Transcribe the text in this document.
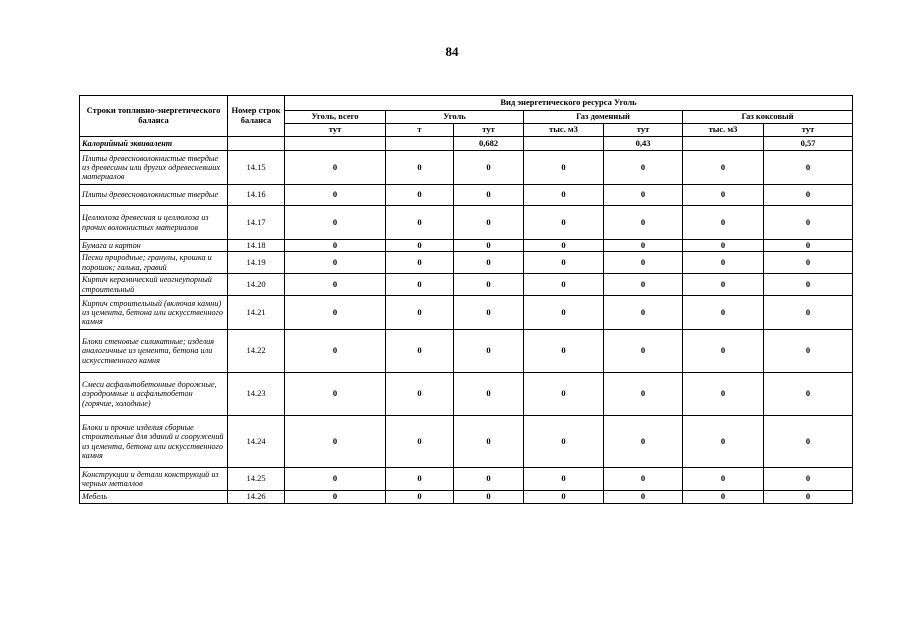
84
Строки топливно-энергетического баланса	Номер строк баланса	Вид энергетического ресурса Уголь						
		Уголь, всего	Уголь		Газ доменный		Газ коксовый	
		тут	т	тут	тыс. м3	тут	тыс. м3	тут
Калорийный эквивалент				0,682		0,43		0,57
Плиты древесноволокнистые твердые из древесины или других одревесневших материалов	14.15	0	0	0	0	0	0	0
Плиты древесноволокнистые твердые	14.16	0	0	0	0	0	0	0
Целлюлоза древесная и целлюлоза из прочих волокнистых материалов	14.17	0	0	0	0	0	0	0
Бумага и картон	14.18	0	0	0	0	0	0	0
Пески природные; гранулы, крошка и порошок; галька, гравий	14.19	0	0	0	0	0	0	0
Кирпич керамический неогнеупорный строительный	14.20	0	0	0	0	0	0	0
Кирпич строительный (включая камни) из цемента, бетона или искусственного камня	14.21	0	0	0	0	0	0	0
Блоки стеновые силикатные; изделия аналогичные из цемента, бетона или искусственного камня	14.22	0	0	0	0	0	0	0
Смеси асфальтобетонные дорожные, аэродромные и асфальтобетон (горячие, холодные)	14.23	0	0	0	0	0	0	0
Блоки и прочие изделия сборные строительные для зданий и сооружений из цемента, бетона или искусственного камня	14.24	0	0	0	0	0	0	0
Конструкции и детали конструкций из черных металлов	14.25	0	0	0	0	0	0	0
Мебель	14.26	0	0	0	0	0	0	0
